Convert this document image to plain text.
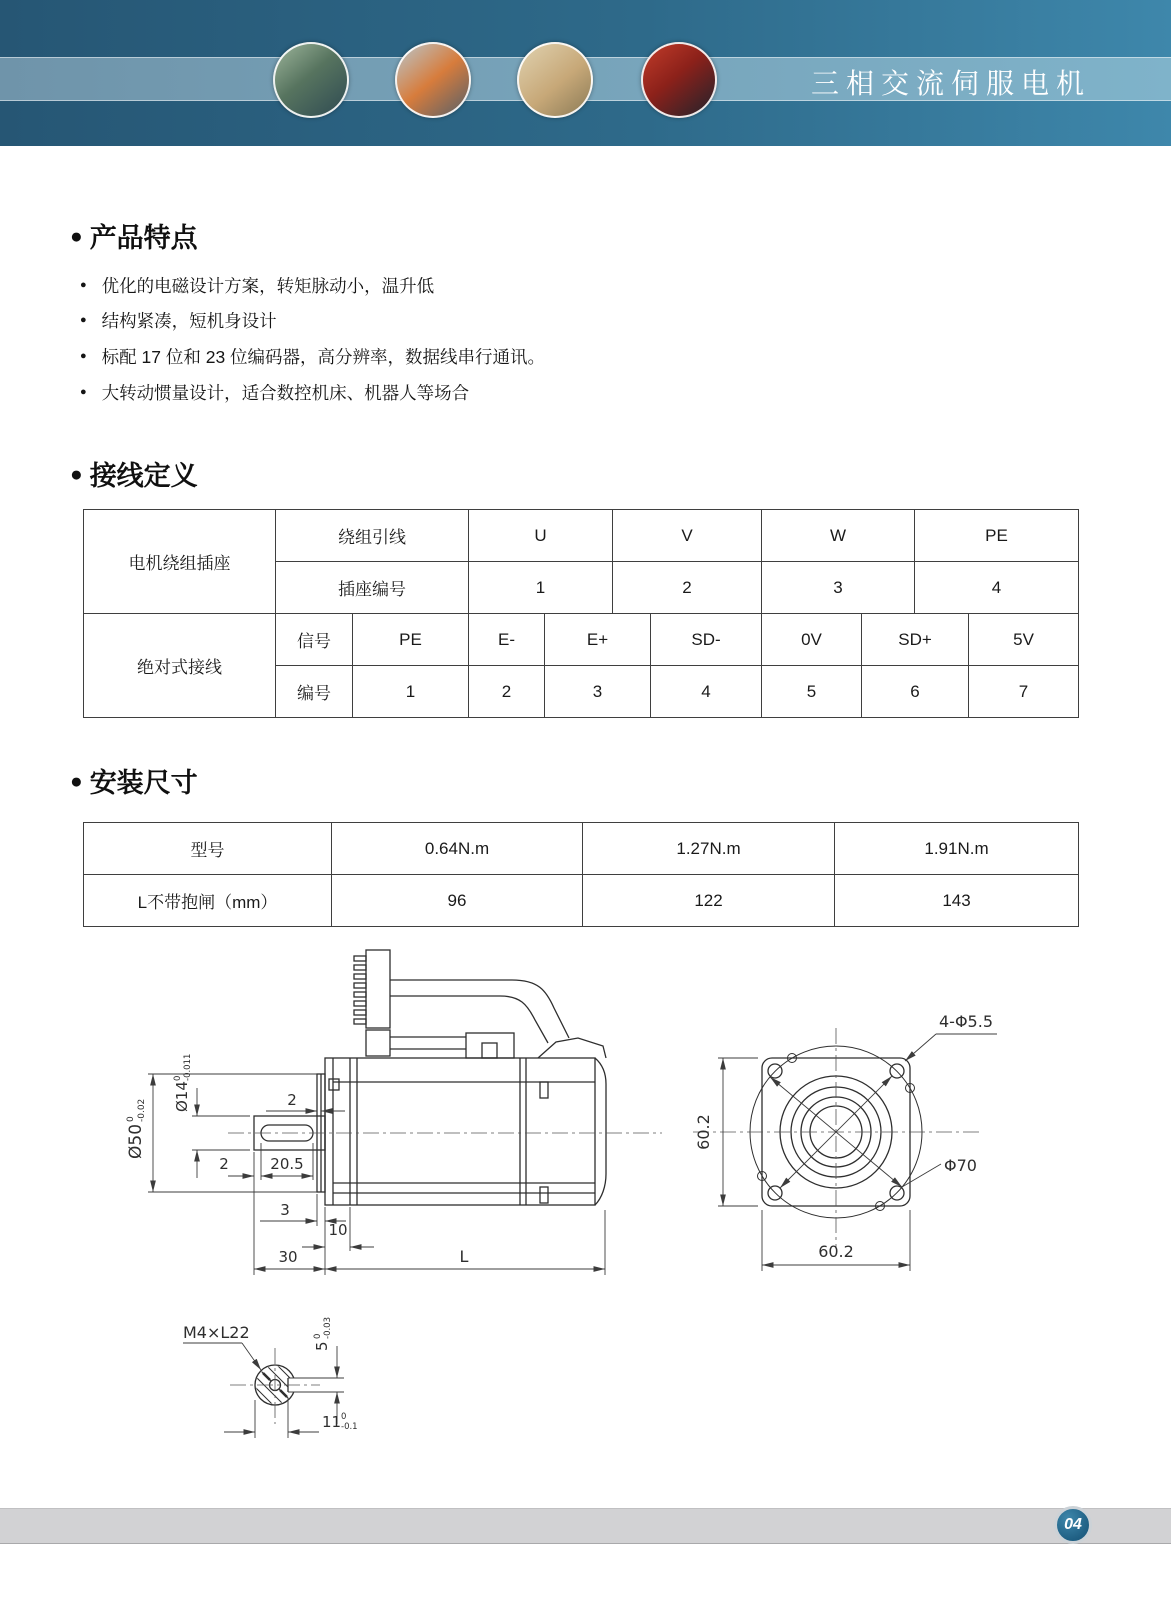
三相交流伺服电机
● 产品特点
● 优化的电磁设计方案，转矩脉动小，温升低
● 结构紧凑，短机身设计
● 标配 17 位和 23 位编码器，高分辨率，数据线串行通讯。
● 大转动惯量设计，适合数控机床、机器人等场合
● 接线定义
电机绕组插座	绕组引线		U		V		W		PE	
	插座编号		1		2		3		4	
绝对式接线	信号	PE	E-	E+		SD-	0V	SD+		5V
	编号	1	2	3		4	5	6		7
● 安装尺寸
型号	0.64N.m	1.27N.m	1.91N.m
L不带抱闸（mm）	96	122	143
Ø50
0 -0.02 Ø14
0 -0.011
2
2	20.5
3
10
30	L
4-Φ5.5
Φ70
60.2
60.2
M4×L22
5
0 -0.03
11 0
-0.1
04
